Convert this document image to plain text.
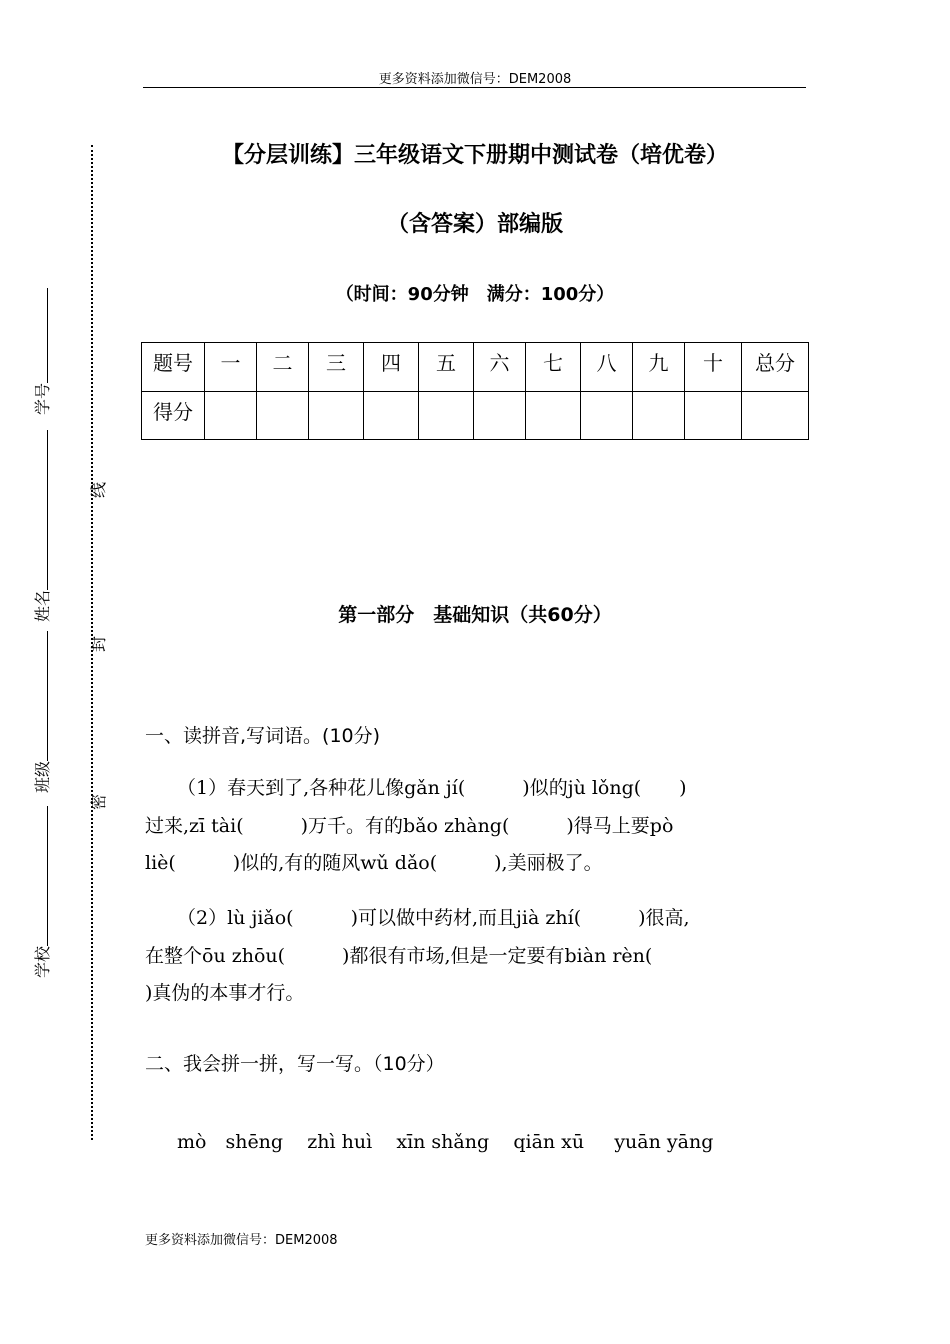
更多资料添加微信号：DEM2008
学号
姓名
班级
学校
线
封
密
【分层训练】三年级语文下册期中测试卷（培优卷）
（含答案）部编版
（时间：90分钟　满分：100分）
题号	一	二	三	四	五	六	七	八	九	十	总分
得分											
第一部分　基础知识（共60分）
一、读拼音,写词语。(10分)
（1）春天到了,各种花儿像gǎn jí(　　　)似的jù lǒng(　　)
过来,zī tài(　　　)万千。有的bǎo zhàng(　　　)得马上要pò
liè(　　　)似的,有的随风wǔ dǎo(　　　),美丽极了。
（2）lù jiǎo(　　　)可以做中药材,而且jià zhí(　　　)很高,
在整个ōu zhōu(　　　)都很有市场,但是一定要有biàn rèn(
)真伪的本事才行。
二、我会拼一拼，写一写。（10分）
mò　shēng zhì huì xīn shǎng qiān xū yuān yāng
更多资料添加微信号：DEM2008
